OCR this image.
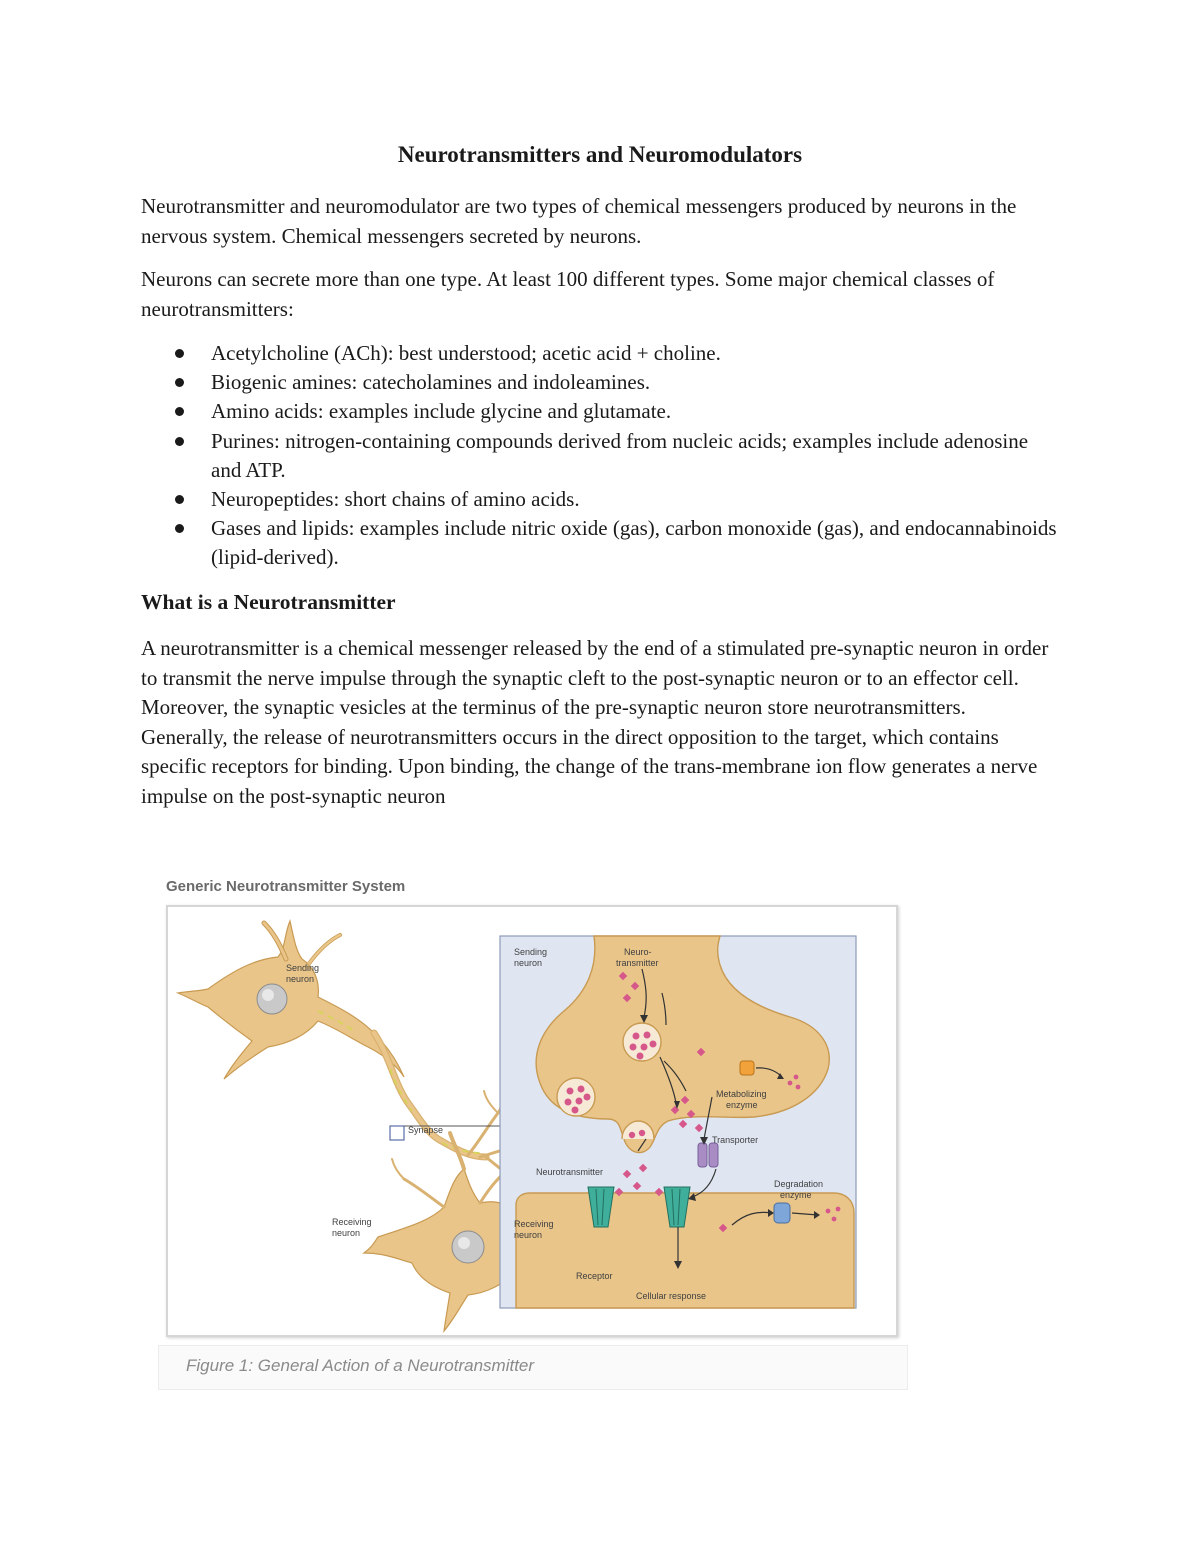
Neurotransmitters and Neuromodulators

Neurotransmitter and neuromodulator are two types of chemical messengers produced by neurons in the nervous system. Chemical messengers secreted by neurons.

Neurons can secrete more than one type. At least 100 different types. Some major chemical classes of neurotransmitters:

Acetylcholine (ACh): best understood; acetic acid + choline.
Biogenic amines: catecholamines and indoleamines.
Amino acids: examples include glycine and glutamate.
Purines: nitrogen-containing compounds derived from nucleic acids; examples include adenosine and ATP.
Neuropeptides: short chains of amino acids.
Gases and lipids: examples include nitric oxide (gas), carbon monoxide (gas), and endocannabinoids (lipid-derived).
What is a Neurotransmitter

A neurotransmitter is a chemical messenger released by the end of a stimulated pre-synaptic neuron in order to transmit the nerve impulse through the synaptic cleft to the post-synaptic neuron or to an effector cell. Moreover, the synaptic vesicles at the terminus of the pre-synaptic neuron store neurotransmitters. Generally, the release of neurotransmitters occurs in the direct opposition to the target, which contains specific receptors for binding. Upon binding, the change of the trans-membrane ion flow generates a nerve impulse on the post-synaptic neuron

Generic Neurotransmitter System
Sending neuron
Synapse
Receiving neuron
Sending neuron
Neuro-transmitter
Metabolizing enzyme
Transporter
Neurotransmitter
Degradation enzyme
Receiving neuron
Receptor
Cellular response
Figure 1: General Action of a Neurotransmitter
